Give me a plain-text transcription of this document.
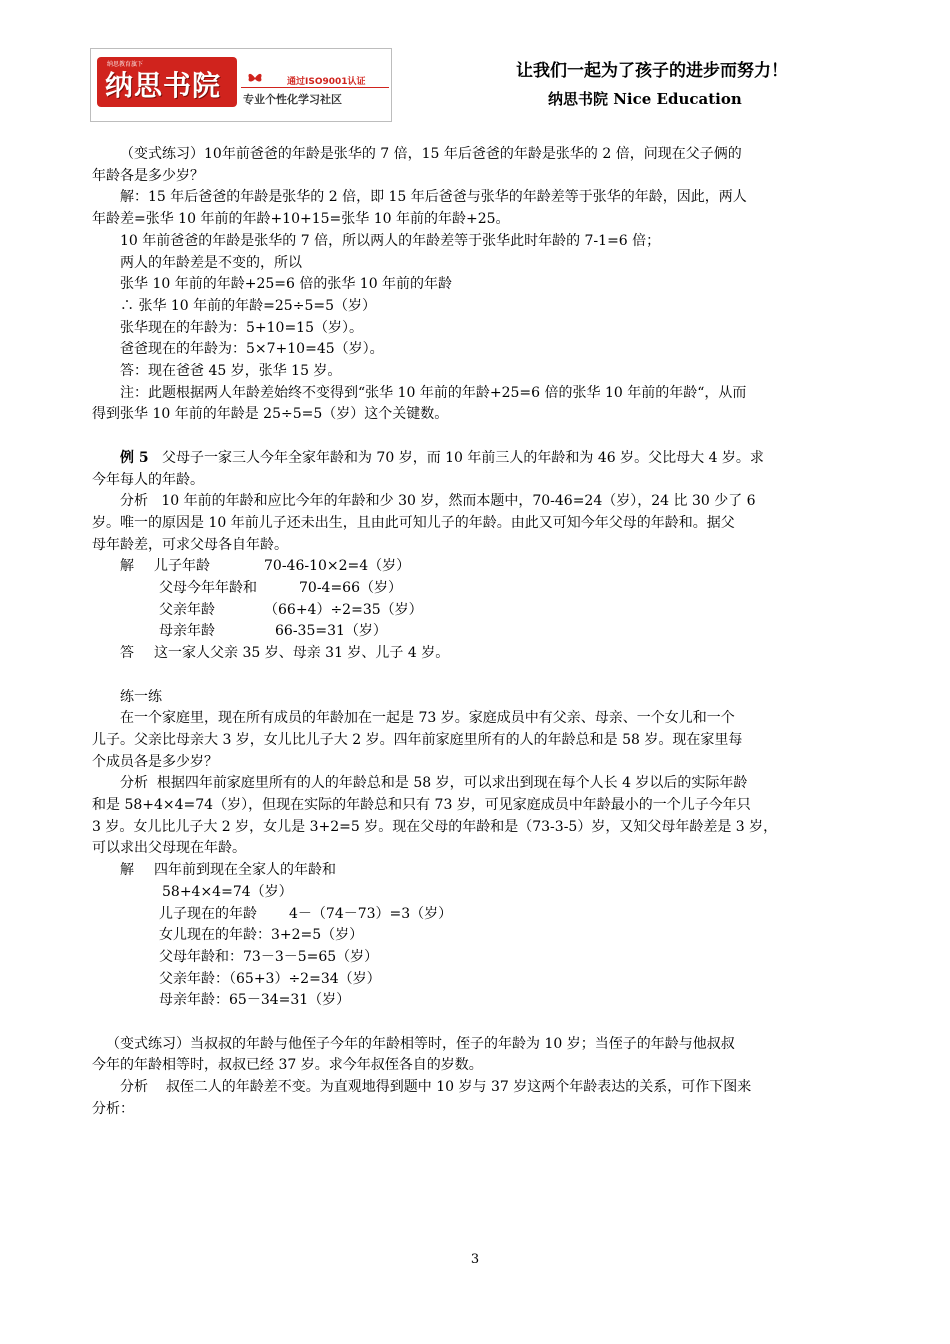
纳思教育旗下
纳思书院	通过ISO9001认证
专业个性化学习社区
让我们一起为了孩子的进步而努力！
纳思书院 Nice Education

（变式练习）10年前爸爸的年龄是张华的 7 倍，15 年后爸爸的年龄是张华的 2 倍，问现在父子俩的

年龄各是多少岁？

解：15 年后爸爸的年龄是张华的 2 倍，即 15 年后爸爸与张华的年龄差等于张华的年龄，因此，两人

年龄差=张华 10 年前的年龄+10+15=张华 10 年前的年龄+25。

10 年前爸爸的年龄是张华的 7 倍，所以两人的年龄差等于张华此时年龄的 7-1=6 倍；

两人的年龄差是不变的，所以

张华 10 年前的年龄+25=6 倍的张华 10 年前的年龄

∴ 张华 10 年前的年龄=25÷5=5（岁）

张华现在的年龄为：5+10=15（岁）。

爸爸现在的年龄为：5×7+10=45（岁）。

答：现在爸爸 45 岁，张华 15 岁。

注：此题根据两人年龄差始终不变得到“张华 10 年前的年龄+25=6 倍的张华 10 年前的年龄“，从而

得到张华 10 年前的年龄是 25÷5=5（岁）这个关键数。

例 5 父母子一家三人今年全家年龄和为 70 岁，而 10 年前三人的年龄和为 46 岁。父比母大 4 岁。求

今年每人的年龄。

分析 10 年前的年龄和应比今年的年龄和少 30 岁，然而本题中，70-46=24（岁），24 比 30 少了 6

岁。唯一的原因是 10 年前儿子还未出生，且由此可知儿子的年龄。由此又可知今年父母的年龄和。据父

母年龄差，可求父母各自年龄。

解 儿子年龄	70-46-10×2=4（岁）

父母今年年龄和	70-4=66（岁）

父亲年龄	（66+4）÷2=35（岁）

母亲年龄	66-35=31（岁）

答 这一家人父亲 35 岁、母亲 31 岁、儿子 4 岁。

练一练

在一个家庭里，现在所有成员的年龄加在一起是 73 岁。家庭成员中有父亲、母亲、一个女儿和一个

儿子。父亲比母亲大 3 岁，女儿比儿子大 2 岁。四年前家庭里所有的人的年龄总和是 58 岁。现在家里每

个成员各是多少岁？

分析 根据四年前家庭里所有的人的年龄总和是 58 岁，可以求出到现在每个人长 4 岁以后的实际年龄

和是 58+4×4=74（岁），但现在实际的年龄总和只有 73 岁，可见家庭成员中年龄最小的一个儿子今年只

3 岁。女儿比儿子大 2 岁，女儿是 3+2=5 岁。现在父母的年龄和是（73-3-5）岁，又知父母年龄差是 3 岁，

可以求出父母现在年龄。

解 四年前到现在全家人的年龄和

58+4×4=74（岁）

儿子现在的年龄 4－（74－73）=3（岁）

女儿现在的年龄：3+2=5（岁）

父母年龄和：73－3－5=65（岁）

父亲年龄：（65+3）÷2=34（岁）

母亲年龄：65－34=31（岁）

（变式练习）当叔叔的年龄与他侄子今年的年龄相等时，侄子的年龄为 10 岁；当侄子的年龄与他叔叔

今年的年龄相等时，叔叔已经 37 岁。求今年叔侄各自的岁数。

分析 叔侄二人的年龄差不变。为直观地得到题中 10 岁与 37 岁这两个年龄表达的关系，可作下图来

分析：

3
